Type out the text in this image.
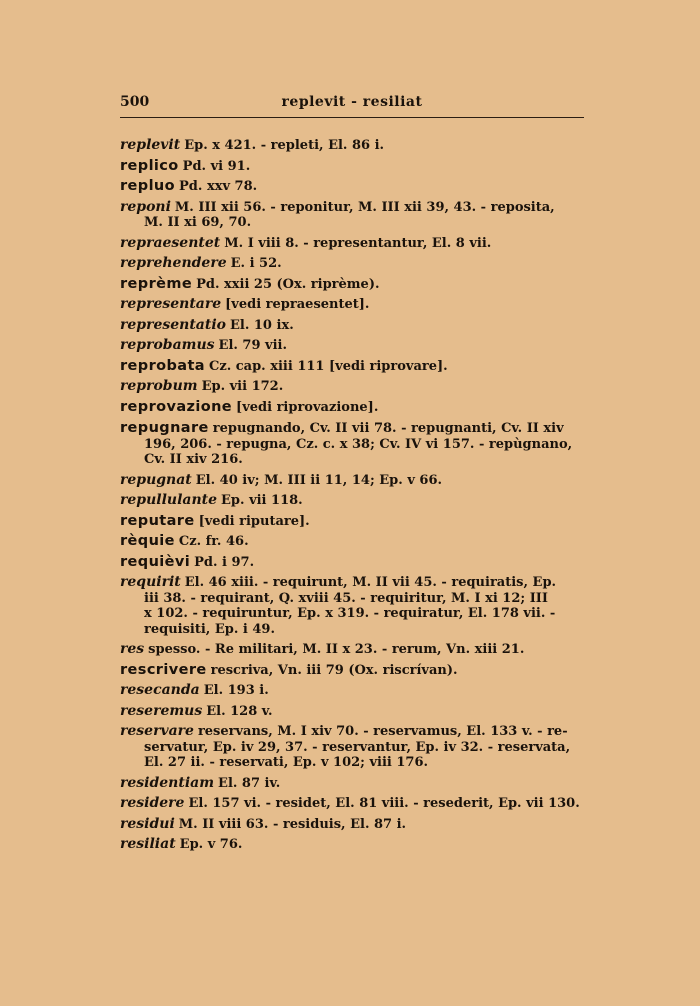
500	replevit - resiliat
replevit Ep. x 421. - repleti, El. 86 i.
replico Pd. vi 91.
repluo Pd. xxv 78.
reponi M. III xii 56. - reponitur, M. III xii 39, 43. - reposita,
M. II xi 69, 70.
repraesentet M. I viii 8. - representantur, El. 8 vii.
reprehendere E. i 52.
reprème Pd. xxii 25 (Ox. riprème).
representare [vedi repraesentet].
representatio El. 10 ix.
reprobamus El. 79 vii.
reprobata Cz. cap. xiii 111 [vedi riprovare].
reprobum Ep. vii 172.
reprovazione [vedi riprovazione].
repugnare repugnando, Cv. II vii 78. - repugnanti, Cv. II xiv
196, 206. - repugna, Cz. c. x 38; Cv. IV vi 157. - repùgnano,
Cv. II xiv 216.
repugnat El. 40 iv; M. III ii 11, 14; Ep. v 66.
repullulante Ep. vii 118.
reputare [vedi riputare].
rèquie Cz. fr. 46.
requièvi Pd. i 97.
requirit El. 46 xiii. - requirunt, M. II vii 45. - requiratis, Ep.
iii 38. - requirant, Q. xviii 45. - requiritur, M. I xi 12; III
x 102. - requiruntur, Ep. x 319. - requiratur, El. 178 vii. -
requisiti, Ep. i 49.
res spesso. - Re militari, M. II x 23. - rerum, Vn. xiii 21.
rescrivere rescriva, Vn. iii 79 (Ox. riscrívan).
resecanda El. 193 i.
reseremus El. 128 v.
reservare reservans, M. I xiv 70. - reservamus, El. 133 v. - re-
servatur, Ep. iv 29, 37. - reservantur, Ep. iv 32. - reservata,
El. 27 ii. - reservati, Ep. v 102; viii 176.
residentiam El. 87 iv.
residere El. 157 vi. - residet, El. 81 viii. - resederit, Ep. vii 130.
residui M. II viii 63. - residuis, El. 87 i.
resiliat Ep. v 76.
